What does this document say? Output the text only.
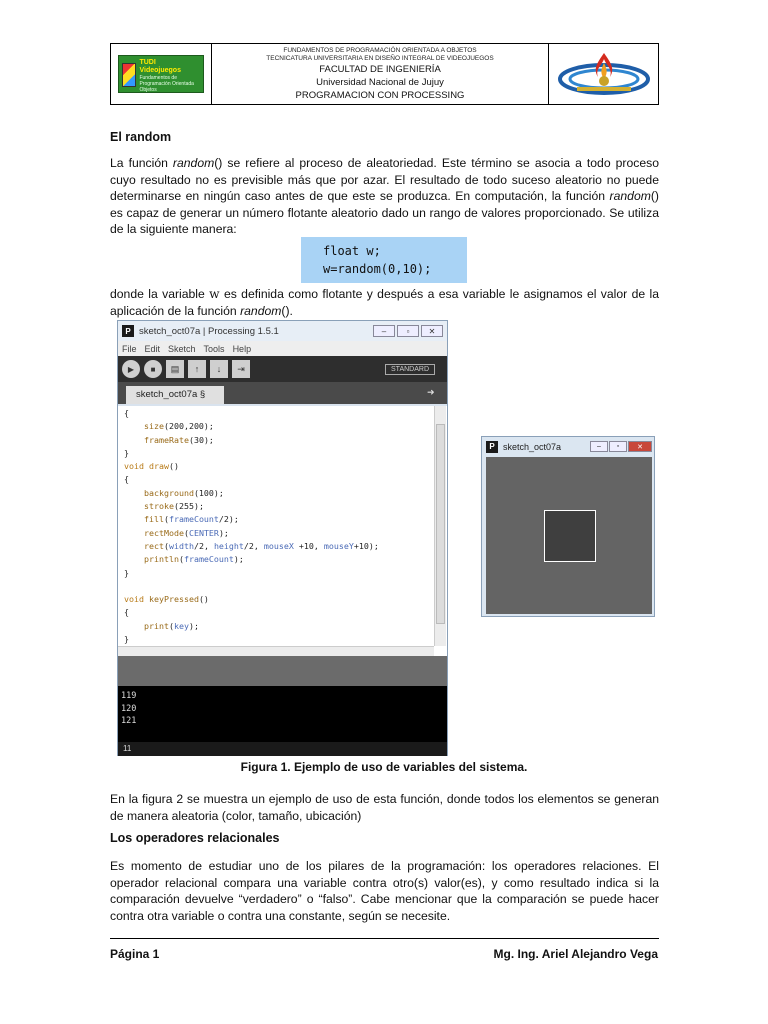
TUDI
Videojuegos
Fundamentos de Programación Orientada Objetos
FUNDAMENTOS DE PROGRAMACIÓN ORIENTADA A OBJETOS
TECNICATURA UNIVERSITARIA EN DISEÑO INTEGRAL DE VIDEOJUEGOS
FACULTAD DE INGENIERÍA
Universidad Nacional de Jujuy
PROGRAMACION CON PROCESSING
El random
La función random() se refiere al proceso de aleatoriedad. Este término se asocia a todo proceso cuyo resultado no es previsible más que por azar. El resultado de todo suceso aleatorio no puede determinarse en ningún caso antes de que este se produzca. En computación, la función random() es capaz de generar un número flotante aleatorio dado un rango de valores proporcionado. Se utiliza de la siguiente manera:
float w;
w=random(0,10);
donde la variable w es definida como flotante y después a esa variable le asignamos el valor de la aplicación de la función random().
P sketch_oct07a | Processing 1.5.1	–	▫	✕
File Edit Sketch Tools Help
▶	■	▤	↑	↓	⇥	STANDARD
sketch_oct07a §	➜
{
size(200,200);
frameRate(30);
}
void draw()
{
background(100);
stroke(255);
fill(frameCount/2);
rectMode(CENTER);
rect(width/2, height/2, mouseX +10, mouseY+10);
println(frameCount);
}

void keyPressed()
{
print(key);
}
119
120
121
11
P sketch_oct07a	–	▫	✕
Figura 1. Ejemplo de uso de variables del sistema.
En la figura 2 se muestra un ejemplo de uso de esta función, donde todos los elementos se generan de manera aleatoria (color, tamaño, ubicación)
Los operadores relacionales
Es momento de estudiar uno de los pilares de la programación: los operadores relaciones. El operador relacional compara una variable contra otro(s) valor(es), y como resultado indica si la comparación devuelve “verdadero” o “falso”. Cabe mencionar que la comparación se puede hacer contra otra variable o contra una constante, según se necesite.
Página 1	Mg. Ing. Ariel Alejandro Vega
